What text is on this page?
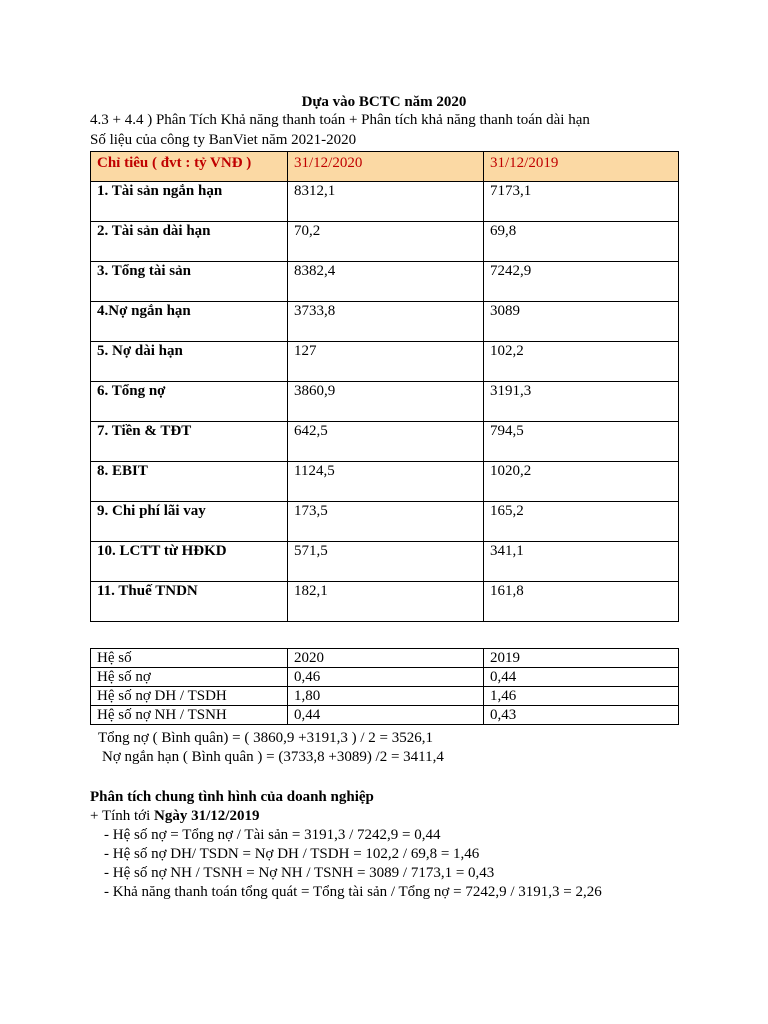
Dựa vào BCTC năm 2020
4.3 + 4.4 ) Phân Tích Khả năng thanh toán + Phân tích khả năng thanh toán dài hạn
Số liệu của công ty BanViet năm 2021-2020
Chỉ tiêu ( đvt : tỷ VNĐ )	31/12/2020	31/12/2019
1. Tài sản ngắn hạn	8312,1	7173,1
2. Tài sản dài hạn	70,2	69,8
3. Tổng tài sản	8382,4	7242,9
4.Nợ ngắn hạn	3733,8	3089
5. Nợ dài hạn	127	102,2
6. Tổng nợ	3860,9	3191,3
7. Tiền & TĐT	642,5	794,5
8. EBIT	1124,5	1020,2
9. Chi phí lãi vay	173,5	165,2
10. LCTT từ HĐKD	571,5	341,1
11. Thuế TNDN	182,1	161,8
Hệ số	2020	2019
Hệ số nợ	0,46	0,44
Hệ số nợ DH / TSDH	1,80	1,46
Hệ số nợ NH / TSNH	0,44	0,43
Tổng nợ ( Bình quân) = ( 3860,9 +3191,3 ) / 2 = 3526,1
Nợ ngắn hạn ( Bình quân ) = (3733,8 +3089) /2 = 3411,4
Phân tích chung tình hình của doanh nghiệp
+ Tính tới Ngày 31/12/2019
- Hệ số nợ = Tổng nợ / Tài sản = 3191,3 / 7242,9 = 0,44
- Hệ số nợ DH/ TSDN = Nợ DH / TSDH = 102,2 / 69,8 = 1,46
- Hệ số nợ NH / TSNH = Nợ NH / TSNH = 3089 / 7173,1 = 0,43
- Khả năng thanh toán tổng quát = Tổng tài sản / Tổng nợ = 7242,9 / 3191,3 = 2,26
